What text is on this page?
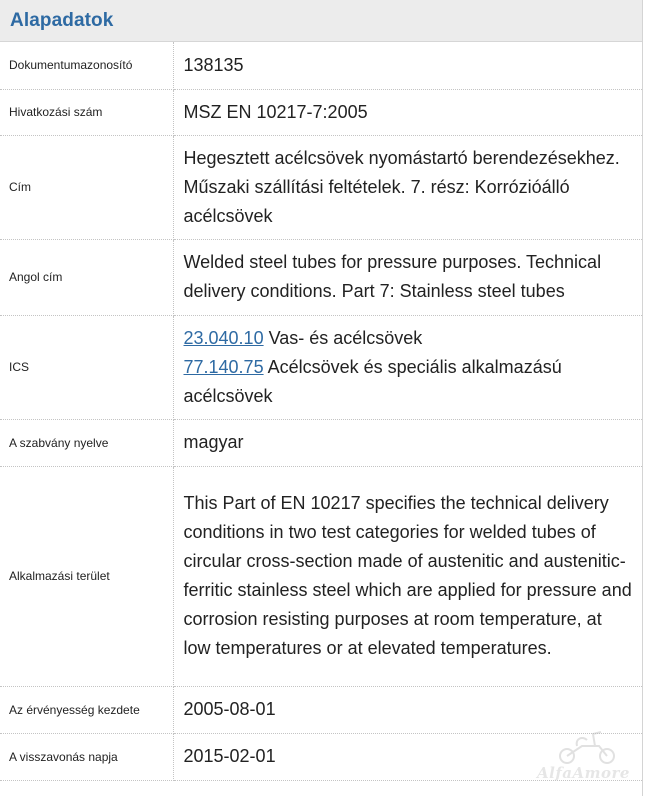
Alapadatok
Dokumentumazonosító	138135
Hivatkozási szám	MSZ EN 10217-7:2005
Cím	Hegesztett acélcsövek nyomástartó berendezésekhez. Műszaki szállítási feltételek. 7. rész: Korrózióálló acélcsövek
Angol cím	Welded steel tubes for pressure purposes. Technical delivery conditions. Part 7: Stainless steel tubes
ICS	23.040.10 Vas- és acélcsövek
77.140.75 Acélcsövek és speciális alkalmazású acélcsövek

A szabvány nyelve	magyar
Alkalmazási terület	This Part of EN 10217 specifies the technical delivery conditions in two test categories for welded tubes of circular cross-section made of austenitic and austenitic-ferritic stainless steel which are applied for pressure and corrosion resisting purposes at room temperature, at low temperatures or at elevated temperatures.
Az érvényesség kezdete	2005-08-01
A visszavonás napja	2015-02-01
AlfaAmore
